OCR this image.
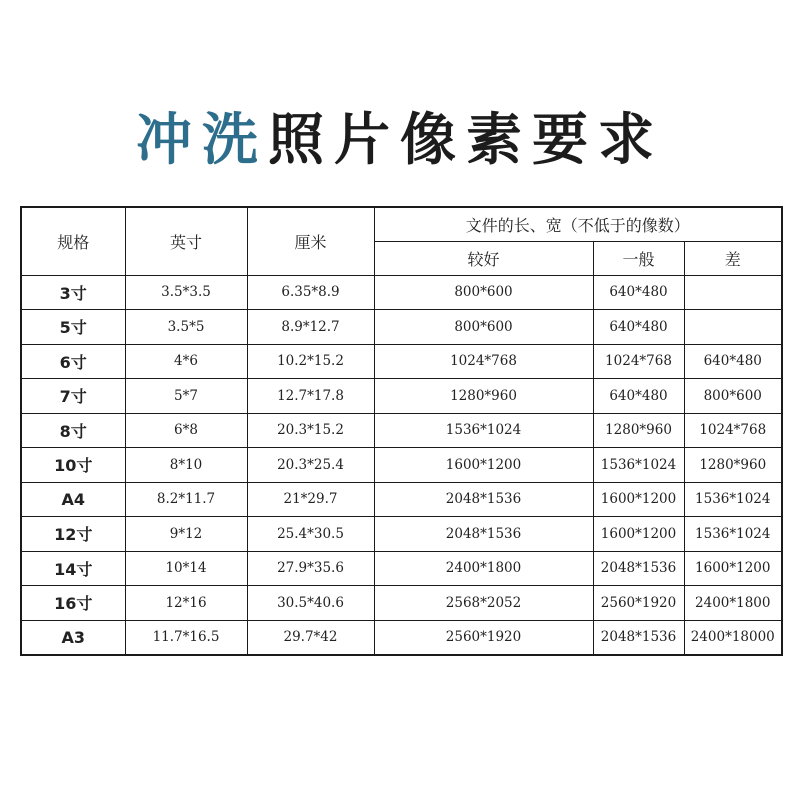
冲洗照片像素要求
规格	英寸	厘米	文件的长、宽（不低于的像数）		
			较好	一般	差
3寸	3.5*3.5	6.35*8.9	800*600	640*480	
5寸	3.5*5	8.9*12.7	800*600	640*480	
6寸	4*6	10.2*15.2	1024*768	1024*768	640*480
7寸	5*7	12.7*17.8	1280*960	640*480	800*600
8寸	6*8	20.3*15.2	1536*1024	1280*960	1024*768
10寸	8*10	20.3*25.4	1600*1200	1536*1024	1280*960
A4	8.2*11.7	21*29.7	2048*1536	1600*1200	1536*1024
12寸	9*12	25.4*30.5	2048*1536	1600*1200	1536*1024
14寸	10*14	27.9*35.6	2400*1800	2048*1536	1600*1200
16寸	12*16	30.5*40.6	2568*2052	2560*1920	2400*1800
A3	11.7*16.5	29.7*42	2560*1920	2048*1536	2400*18000
